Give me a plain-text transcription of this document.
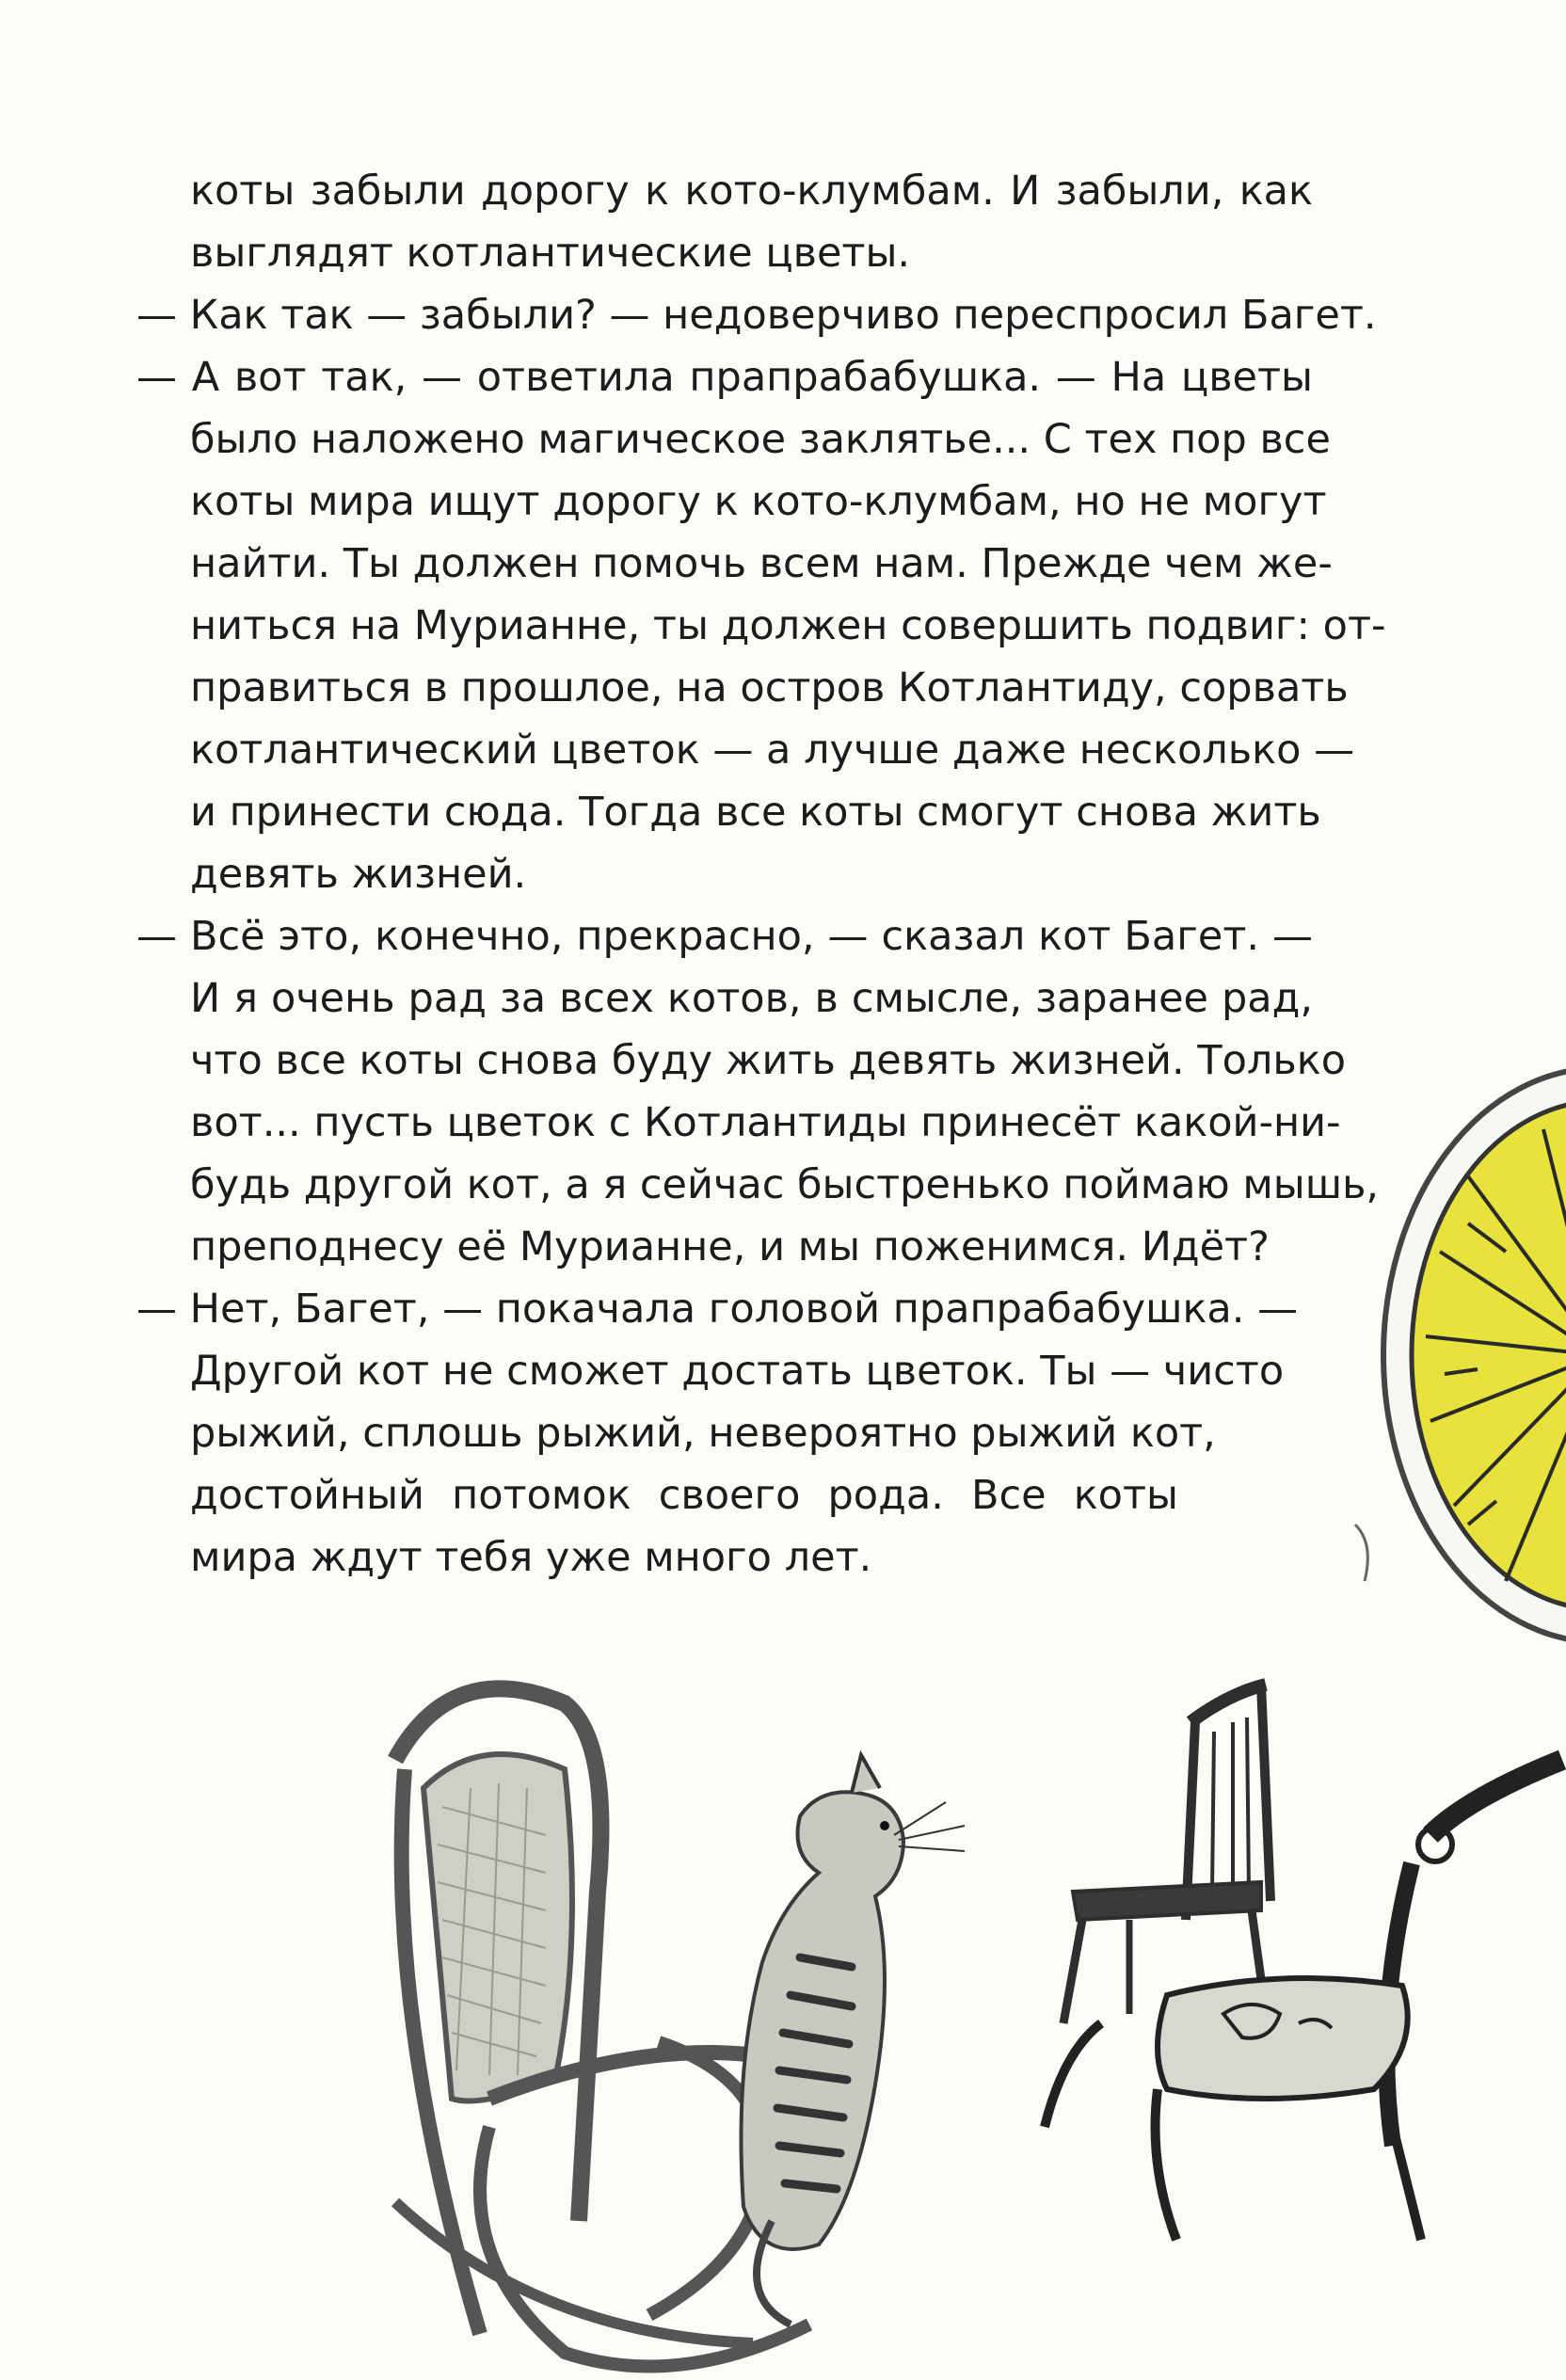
коты забыли дорогу к кото-клумбам. И забыли, как
выглядят котлантические цветы.
— Как так — забыли? — недоверчиво переспросил Багет.
— А вот так, — ответила прапрабабушка. — На цветы
было наложено магическое заклятье... С тех пор все
коты мира ищут дорогу к кото-клумбам, но не могут
найти. Ты должен помочь всем нам. Прежде чем же-
ниться на Мурианне, ты должен совершить подвиг: от-
правиться в прошлое, на остров Котлантиду, сорвать
котлантический цветок — а лучше даже несколько —
и принести сюда. Тогда все коты смогут снова жить
девять жизней.
— Всё это, конечно, прекрасно, — сказал кот Багет. —
И я очень рад за всех котов, в смысле, заранее рад,
что все коты снова буду жить девять жизней. Только
вот... пусть цветок с Котлантиды принесёт какой-ни-
будь другой кот, а я сейчас быстренько поймаю мышь,
преподнесу её Мурианне, и мы поженимся. Идёт?
— Нет, Багет, — покачала головой прапрабабушка. —
Другой кот не сможет достать цветок. Ты — чисто
рыжий, сплошь рыжий, невероятно рыжий кот,
достойный потомок своего рода. Все коты
мира ждут тебя уже много лет.
